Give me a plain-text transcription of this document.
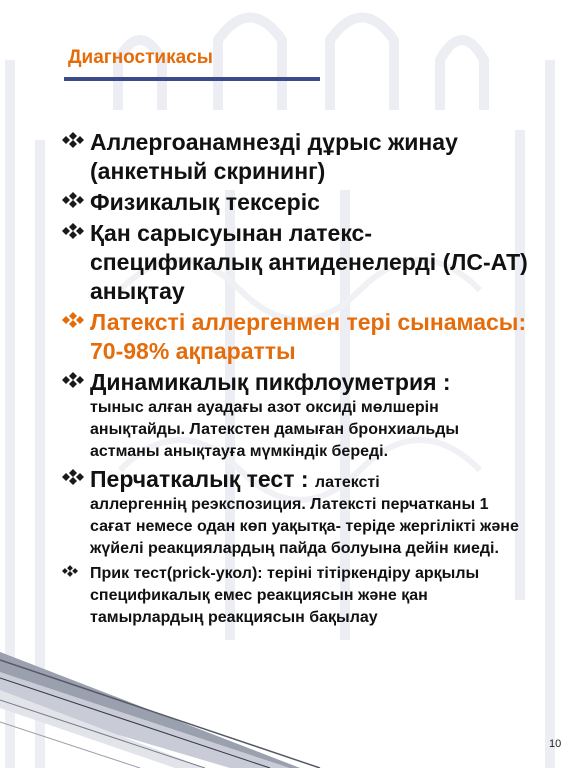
Диагностикасы
Аллергоанамнезді дұрыс жинау (анкетный скрининг)
Физикалық тексеріс
Қан сарысуынан латекс-спецификалық антиденелерді (ЛС-АТ) анықтау
Латексті аллергенмен тері сынамасы: 70-98% ақпаратты
Динамикалық пикфлоуметрия :
тыныс алған ауадағы азот оксиді мөлшерін анықтайды. Латекстен дамыған бронхиальды астманы анықтауға мүмкіндік береді.
Перчаткалық тест : латексті
аллергеннің реэкспозиция. Латексті перчатканы 1 сағат немесе одан көп уақытқа- теріде жергілікті және жүйелі реакциялардың пайда болуына дейін киеді.
Прик тест(prick-укол): теріні тітіркендіру арқылы спецификалық емес реакциясын және қан тамырлардың реакциясын бақылау
10
